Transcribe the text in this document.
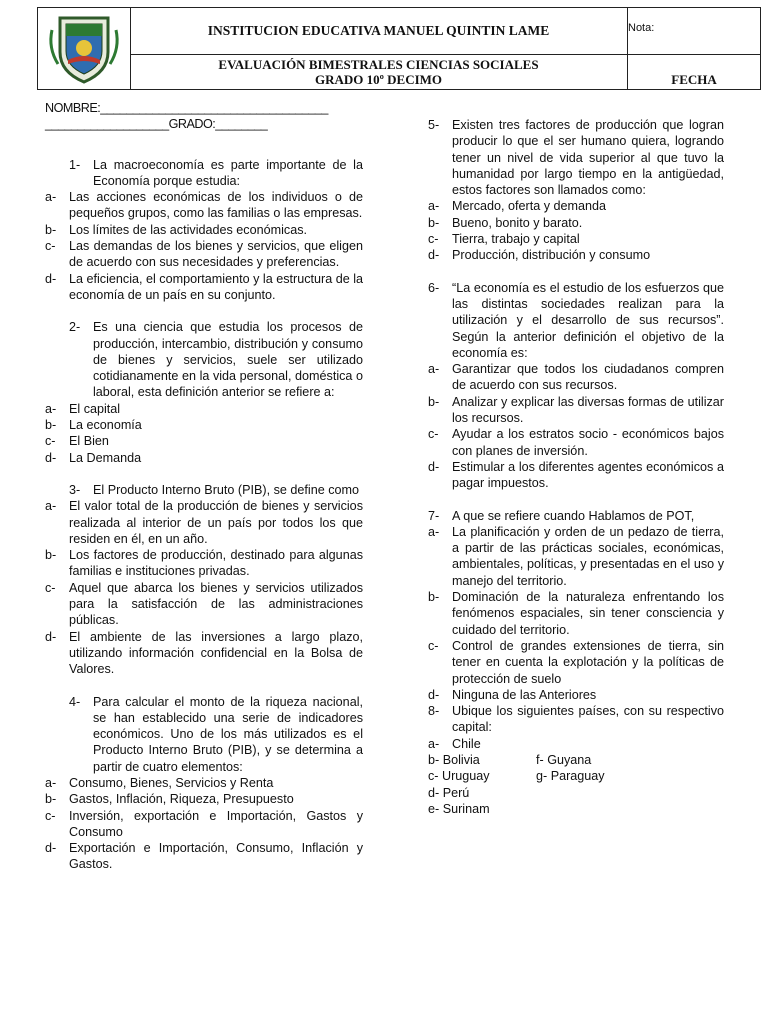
INSTITUCION EDUCATIVA MANUEL QUINTIN LAME	Nota:
EVALUACIÓN BIMESTRALES CIENCIAS SOCIALES
GRADO 10º DECIMO	FECHA
NOMBRE:___________________________________
___________________GRADO:________
1-	La macroeconomía es parte importante de la Economía porque estudia:
a-	Las acciones económicas de los individuos o de pequeños grupos, como las familias o las empresas.
b-	Los límites de las actividades económicas.
c-	Las demandas de los bienes y servicios, que eligen de acuerdo con sus necesidades y preferencias.
d-	La eficiencia, el comportamiento y la estructura de la economía de un país en su conjunto.
2-	Es una ciencia que estudia los procesos de producción, intercambio, distribución y consumo de bienes y servicios, suele ser utilizado cotidianamente en la vida personal, doméstica o laboral, esta definición anterior se refiere a:
a-	El capital
b-	La economía
c-	El Bien
d-	La Demanda
3-	El Producto Interno Bruto (PIB), se define como
a-	El valor total de la producción de bienes y servicios realizada al interior de un país por todos los que residen en él, en un año.
b-	Los factores de producción, destinado para algunas familias e instituciones privadas.
c-	Aquel que abarca los bienes y servicios utilizados para la satisfacción de las administraciones públicas.
d-	El ambiente de las inversiones a largo plazo, utilizando información confidencial en la Bolsa de Valores.
4-	Para calcular el monto de la riqueza nacional, se han establecido una serie de indicadores económicos. Uno de los más utilizados es el Producto Interno Bruto (PIB), y se determina a partir de cuatro elementos:
a-	Consumo, Bienes, Servicios y Renta
b-	Gastos, Inflación, Riqueza, Presupuesto
c-	Inversión, exportación e Importación, Gastos y Consumo
d-	Exportación e Importación, Consumo, Inflación y Gastos.
5-	Existen tres factores de producción que logran producir lo que el ser humano quiera, logrando tener un nivel de vida superior al que tuvo la humanidad por largo tiempo en la antigüedad, estos factores son llamados como:
a-	Mercado, oferta y demanda
b-	Bueno, bonito y barato.
c-	Tierra, trabajo y capital
d-	Producción, distribución y consumo
6-	“La economía es el estudio de los esfuerzos que las distintas sociedades realizan para la utilización y el desarrollo de sus recursos”. Según la anterior definición el objetivo de la economía es:
a-	Garantizar que todos los ciudadanos compren de acuerdo con sus recursos.
b-	Analizar y explicar las diversas formas de utilizar los recursos.
c-	Ayudar a los estratos socio - económicos bajos con planes de inversión.
d-	Estimular a los diferentes agentes económicos a pagar impuestos.
7-	A que se refiere cuando Hablamos de POT,
a-	La planificación y orden de un pedazo de tierra, a partir de las prácticas sociales, económicas, ambientales, políticas, y presentadas en el uso y manejo del territorio.
b-	Dominación de la naturaleza enfrentando los fenómenos espaciales, sin tener consciencia y cuidado del territorio.
c-	Control de grandes extensiones de tierra, sin tener en cuenta la explotación y la políticas de protección de suelo
d-	Ninguna de las Anteriores
8-	Ubique los siguientes países, con su respectivo capital:
a-	Chile
b- Bolivia	f- Guyana
c- Uruguay	g- Paraguay
d- Perú
e- Surinam
